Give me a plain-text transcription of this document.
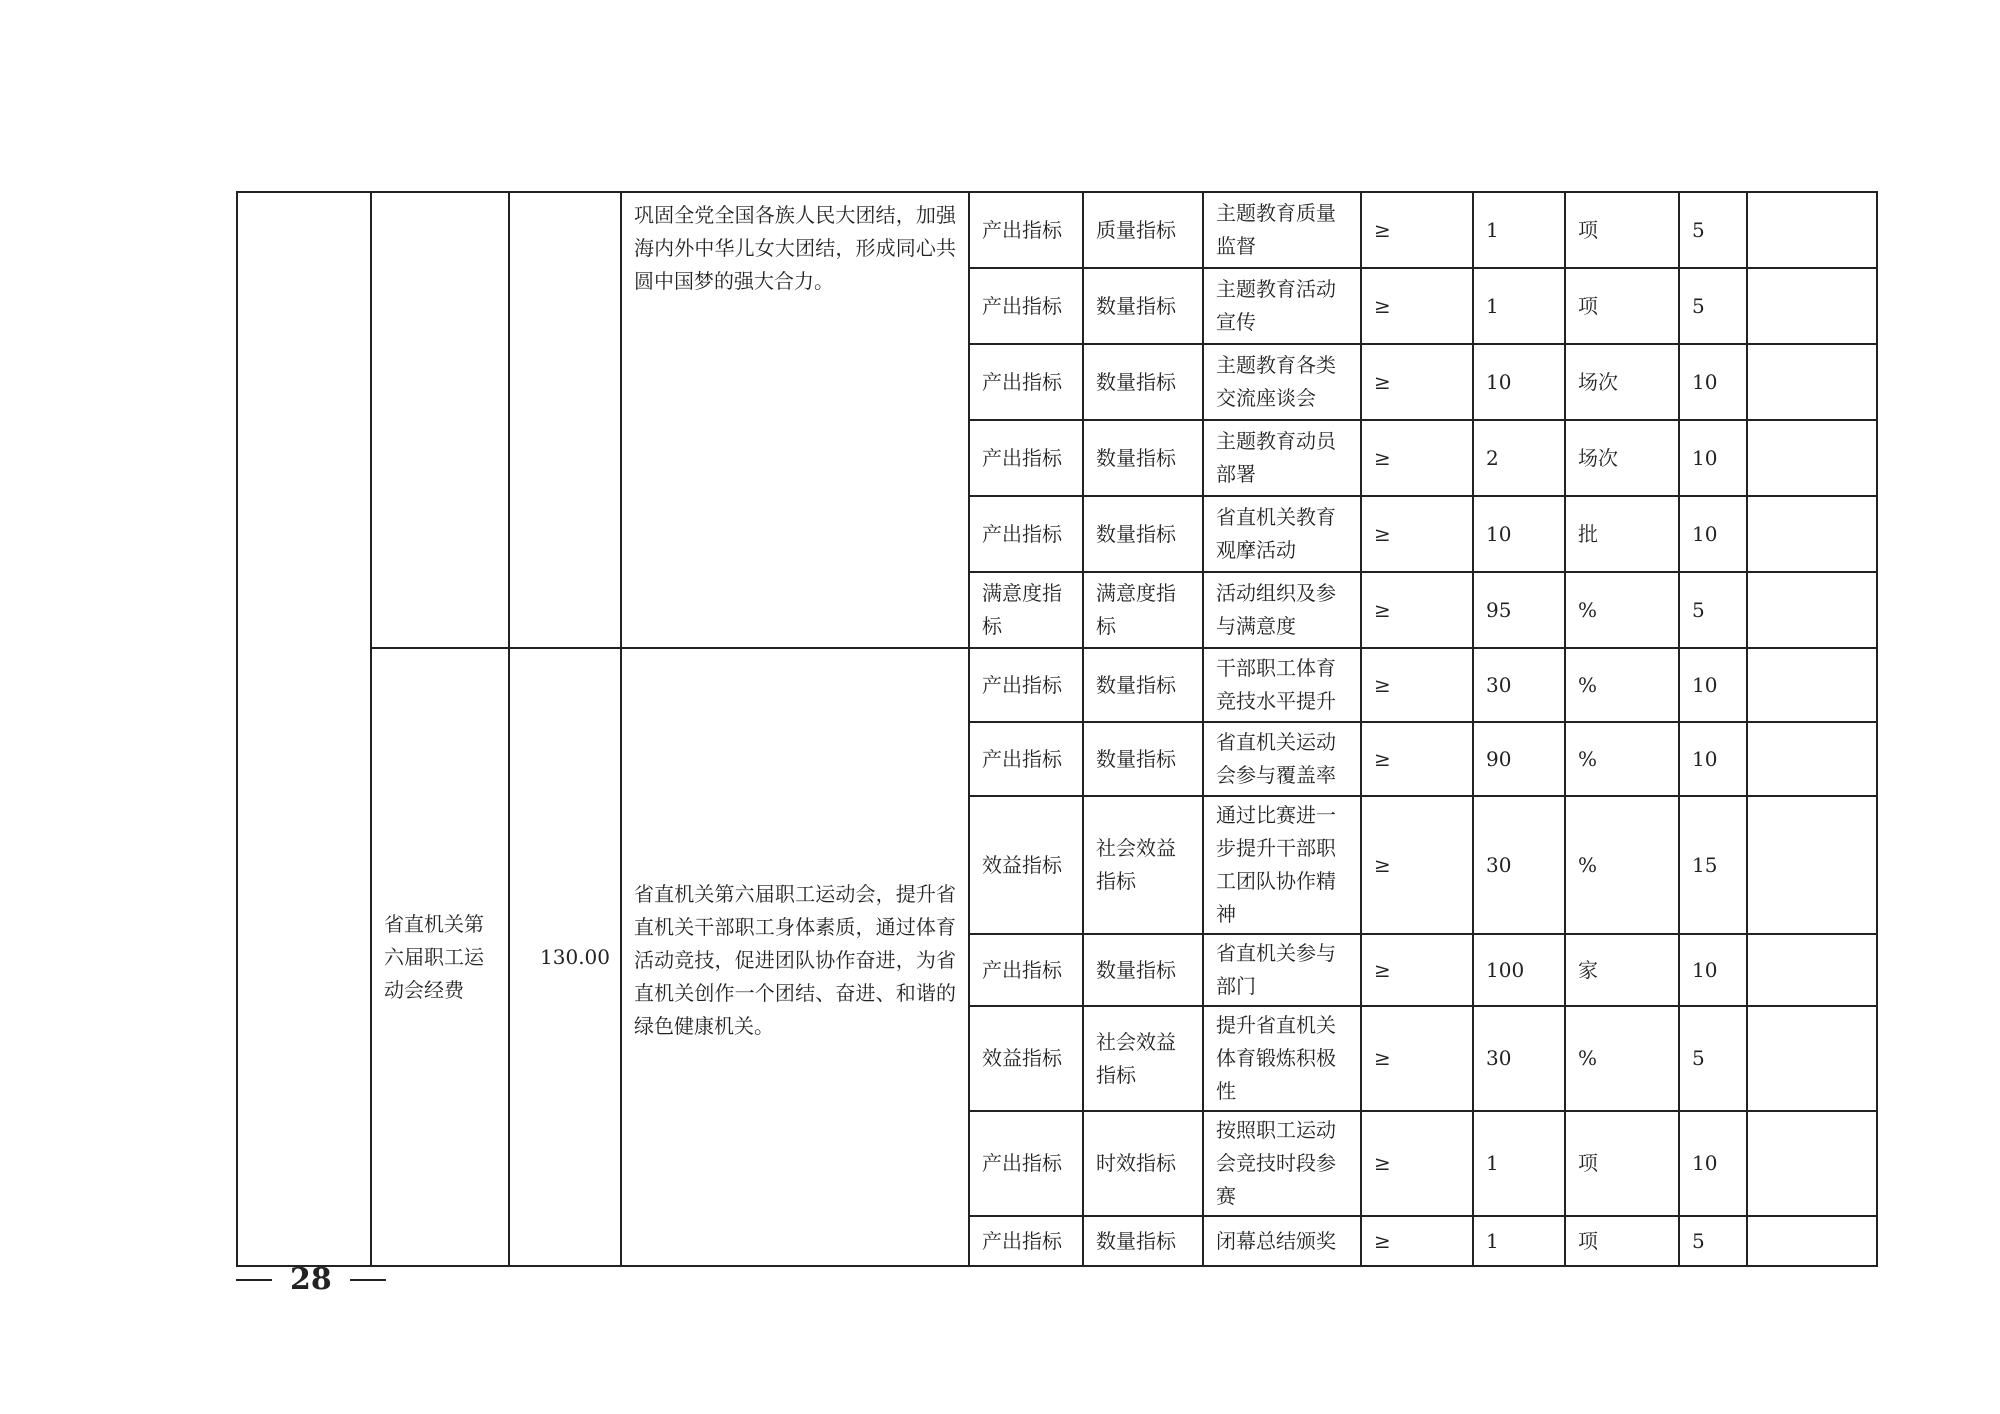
			巩固全党全国各族人民大团结，加强海内外中华儿女大团结，形成同心共圆中国梦的强大合力。	产出指标	质量指标	主题教育质量监督	≥	1	项	5	
				产出指标	数量指标	主题教育活动宣传	≥	1	项	5	
				产出指标	数量指标	主题教育各类交流座谈会	≥	10	场次	10	
				产出指标	数量指标	主题教育动员部署	≥	2	场次	10	
				产出指标	数量指标	省直机关教育观摩活动	≥	10	批	10	
				满意度指标	满意度指标	活动组织及参与满意度	≥	95	%	5	
	省直机关第六届职工运动会经费	130.00	省直机关第六届职工运动会，提升省直机关干部职工身体素质，通过体育活动竞技，促进团队协作奋进，为省直机关创作一个团结、奋进、和谐的绿色健康机关。	产出指标	数量指标	干部职工体育竞技水平提升	≥	30	%	10	
				产出指标	数量指标	省直机关运动会参与覆盖率	≥	90	%	10	
				效益指标	社会效益指标	通过比赛进一步提升干部职工团队协作精神	≥	30	%	15	
				产出指标	数量指标	省直机关参与部门	≥	100	家	10	
				效益指标	社会效益指标	提升省直机关体育锻炼积极性	≥	30	%	5	
				产出指标	时效指标	按照职工运动会竞技时段参赛	≥	1	项	10	
				产出指标	数量指标	闭幕总结颁奖	≥	1	项	5	
28
